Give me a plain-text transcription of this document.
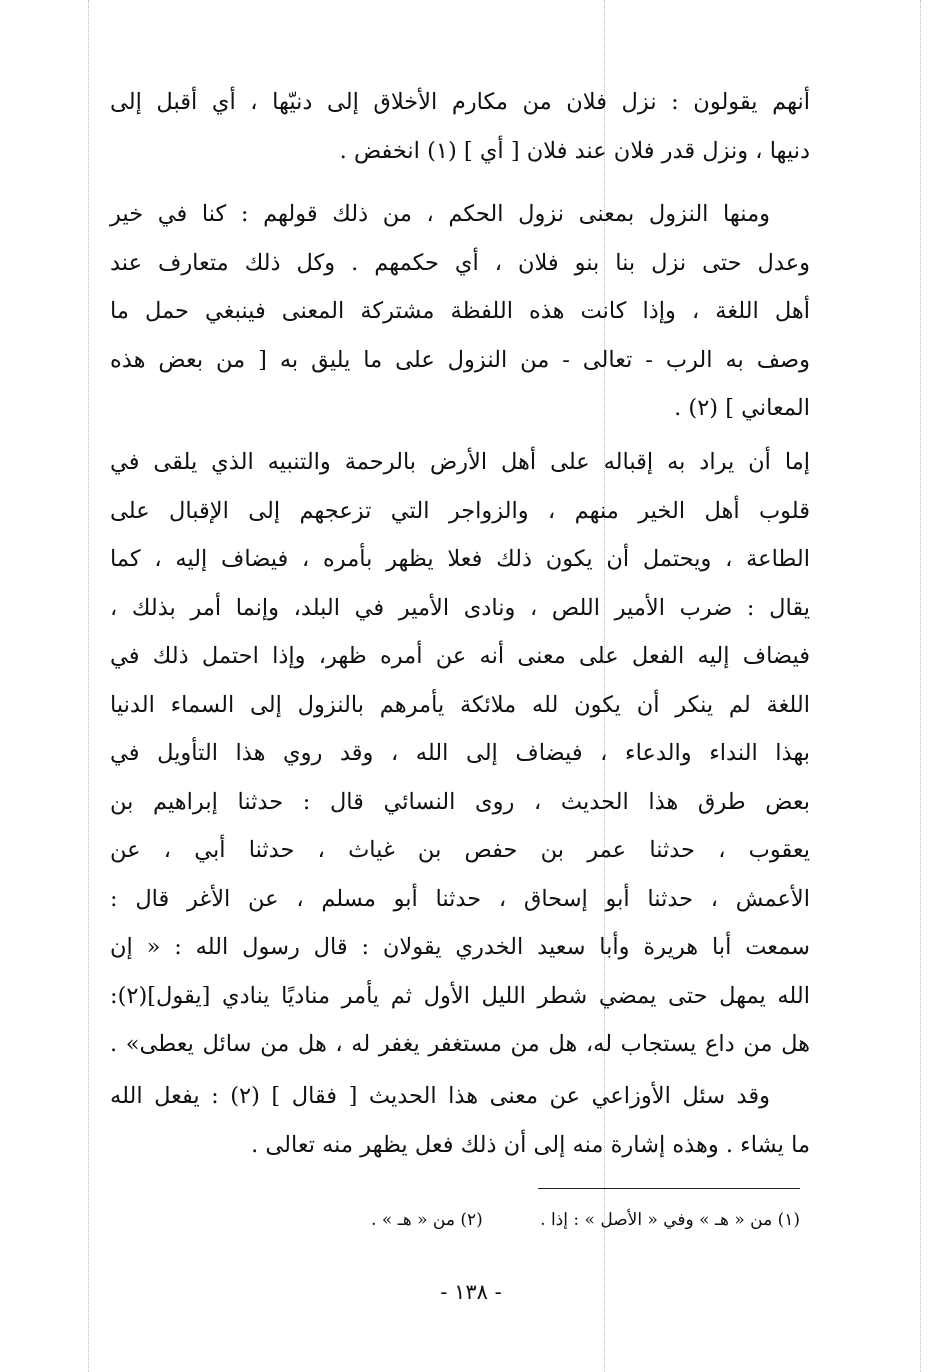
أنهم يقولون : نزل فلان من مكارم الأخلاق إلى دنيّها ، أي أقبل إلى
دنيها ، ونزل قدر فلان عند فلان [ أي ] (١) انخفض .
ومنها النزول بمعنى نزول الحكم ، من ذلك قولهم : كنا في خير
وعدل حتى نزل بنا بنو فلان ، أي حكمهم . وكل ذلك متعارف عند
أهل اللغة ، وإذا كانت هذه اللفظة مشتركة المعنى فينبغي حمل ما
وصف به الرب - تعالى - من النزول على ما يليق به [ من بعض هذه
المعاني ] (٢) .
إما أن يراد به إقباله على أهل الأرض بالرحمة والتنبيه الذي يلقى في
قلوب أهل الخير منهم ، والزواجر التي تزعجهم إلى الإقبال على
الطاعة ، ويحتمل أن يكون ذلك فعلا يظهر بأمره ، فيضاف إليه ، كما
يقال : ضرب الأمير اللص ، ونادى الأمير في البلد، وإنما أمر بذلك ،
فيضاف إليه الفعل على معنى أنه عن أمره ظهر، وإذا احتمل ذلك في
اللغة لم ينكر أن يكون لله ملائكة يأمرهم بالنزول إلى السماء الدنيا
بهذا النداء والدعاء ، فيضاف إلى الله ، وقد روي هذا التأويل في
بعض طرق هذا الحديث ، روى النسائي قال : حدثنا إبراهيم بن
يعقوب ، حدثنا عمر بن حفص بن غياث ، حدثنا أبي ، عن
الأعمش ، حدثنا أبو إسحاق ، حدثنا أبو مسلم ، عن الأغر قال :
سمعت أبا هريرة وأبا سعيد الخدري يقولان : قال رسول الله : « إن
الله يمهل حتى يمضي شطر الليل الأول ثم يأمر مناديًا ينادي [يقول](٢):
هل من داع يستجاب له، هل من مستغفر يغفر له ، هل من سائل يعطى» .
وقد سئل الأوزاعي عن معنى هذا الحديث [ فقال ] (٢) : يفعل الله
ما يشاء . وهذه إشارة منه إلى أن ذلك فعل يظهر منه تعالى .
(١) من « هـ » وفي « الأصل » : إذا . (٢) من « هـ » .
- ١٣٨ -
